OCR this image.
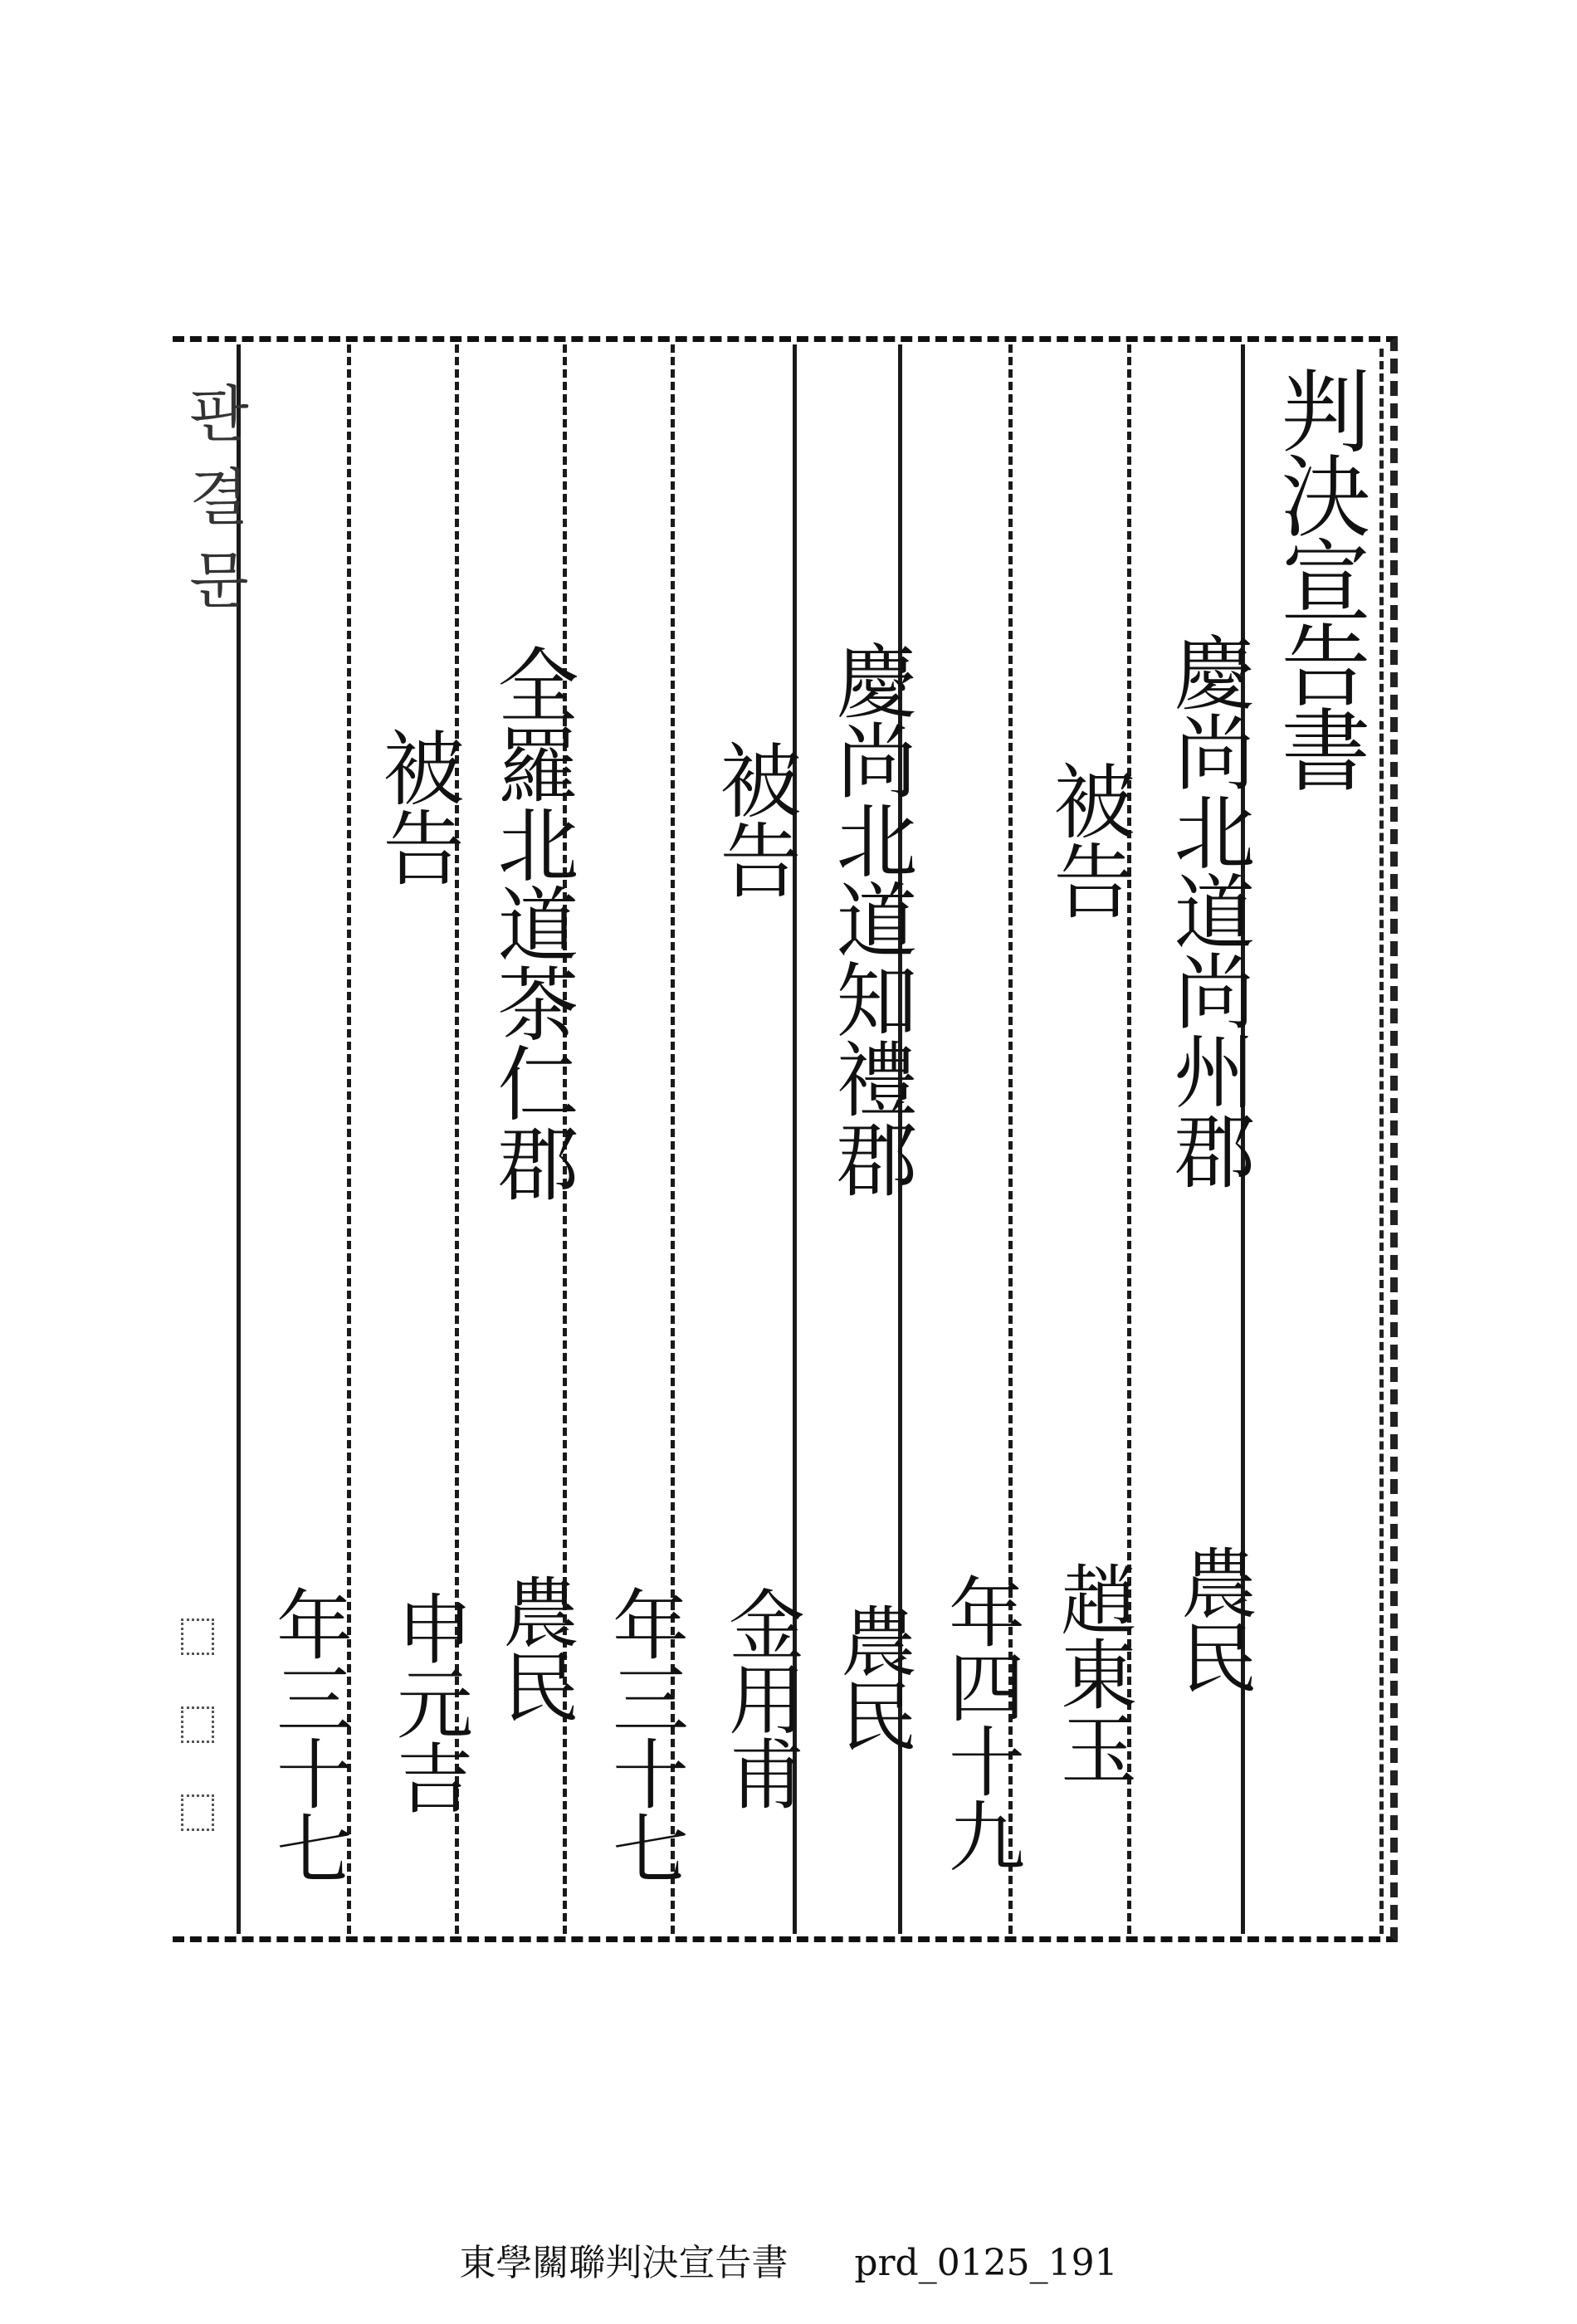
판결문	判決宣告書
慶尚北道尚州郡
農民
被告
趙東玉
年四十九
慶尚北道知禮郡
農民
被告
金用甫
年三十七
全羅北道茶仁郡
農民
被告
申元吉
年三十七
東學關聯判決宣告書 prd_0125_191
